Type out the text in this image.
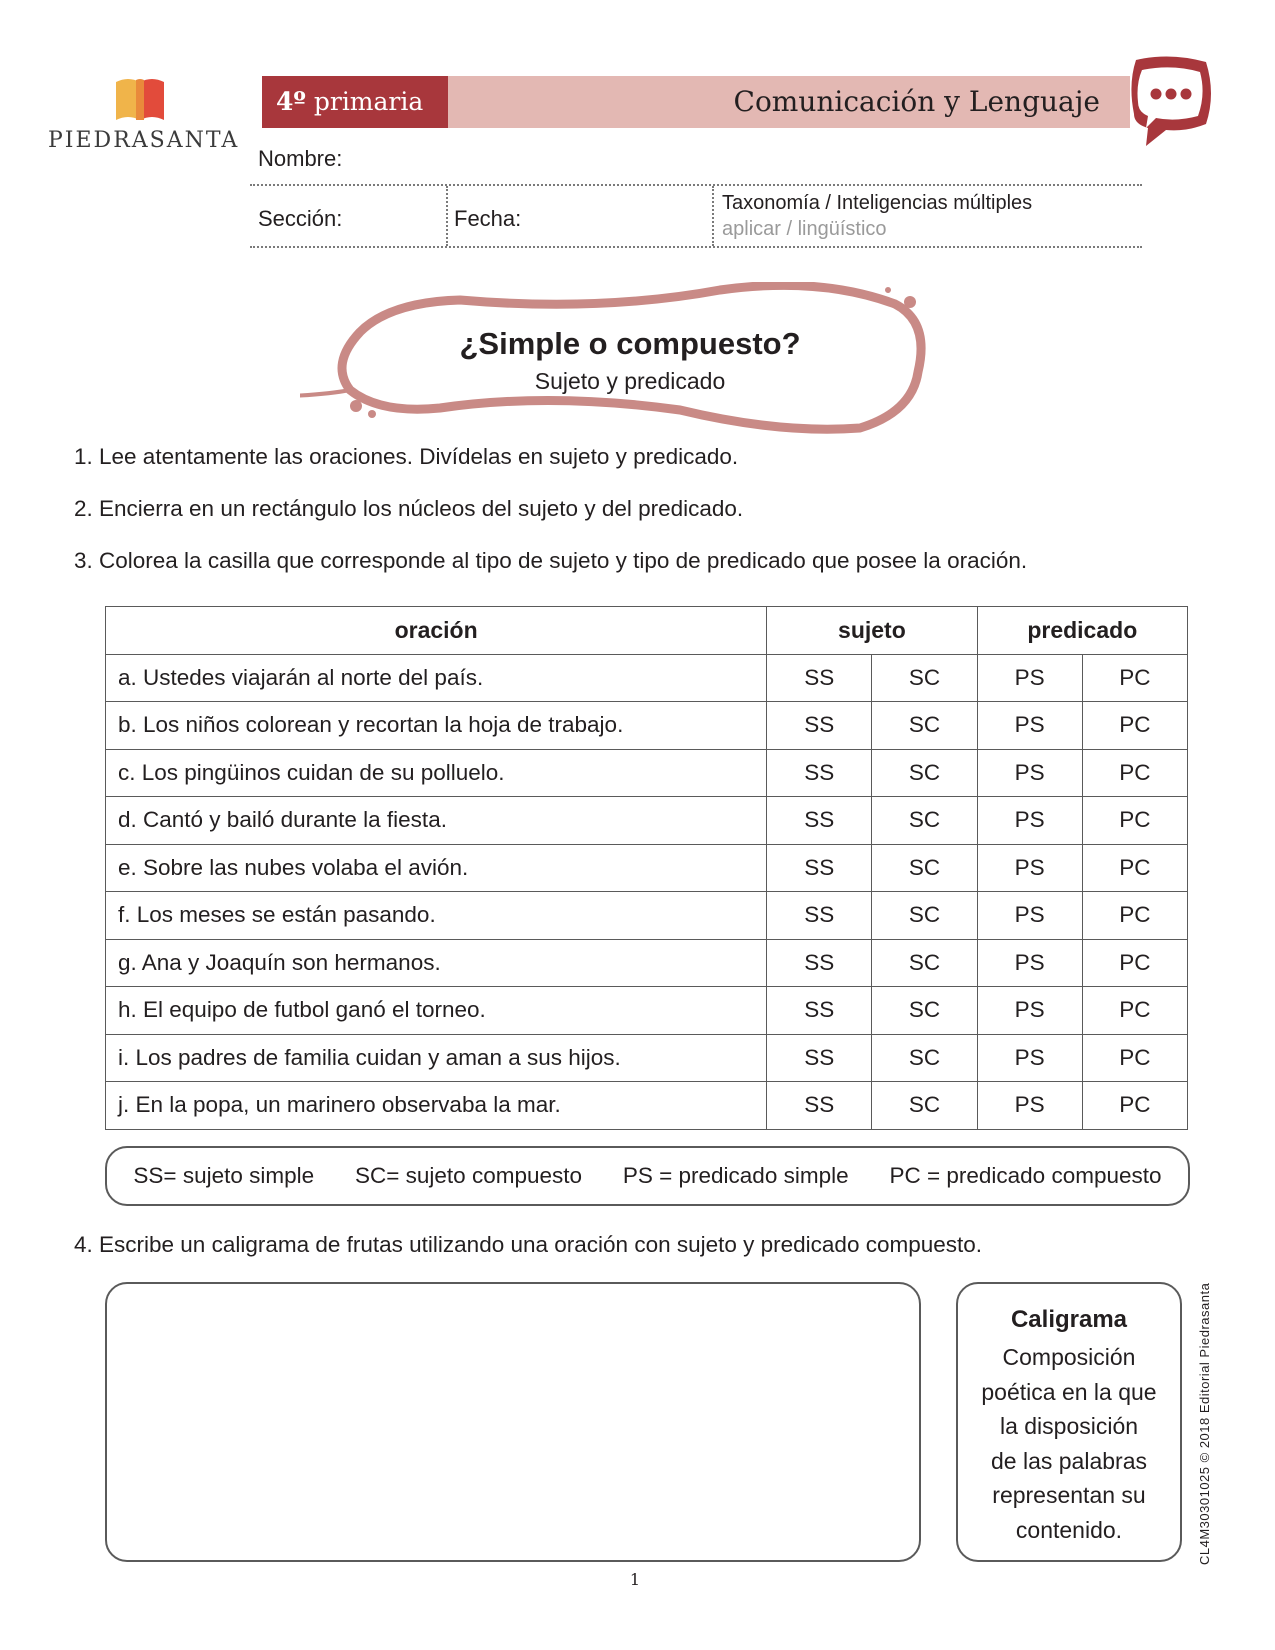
PIEDRASANTA
4º primaria	Comunicación y Lenguaje
Nombre:
Sección:	Fecha:
Taxonomía / Inteligencias múltiples
aplicar / lingüístico
¿Simple o compuesto?
Sujeto y predicado
1. Lee atentamente las oraciones. Divídelas en sujeto y predicado.
2. Encierra en un rectángulo los núcleos del sujeto y del predicado.
3. Colorea la casilla que corresponde al tipo de sujeto y tipo de predicado que posee la oración.
oración	sujeto		predicado	
a. Ustedes viajarán al norte del país.	SS	SC	PS	PC
b. Los niños colorean y recortan la hoja de trabajo.	SS	SC	PS	PC
c. Los pingüinos cuidan de su polluelo.	SS	SC	PS	PC
d. Cantó y bailó durante la fiesta.	SS	SC	PS	PC
e. Sobre las nubes volaba el avión.	SS	SC	PS	PC
f. Los meses se están pasando.	SS	SC	PS	PC
g. Ana y Joaquín son hermanos.	SS	SC	PS	PC
h. El equipo de futbol ganó el torneo.	SS	SC	PS	PC
i. Los padres de familia cuidan y aman a sus hijos.	SS	SC	PS	PC
j. En la popa, un marinero observaba la mar.	SS	SC	PS	PC
SS= sujeto simple SC= sujeto compuesto PS = predicado simple PC = predicado compuesto
4. Escribe un caligrama de frutas utilizando una oración con sujeto y predicado compuesto.
Caligrama
Composición
poética en la que
la disposición
de las palabras
representan su
contenido.	CL4M30301025 © 2018 Editorial Piedrasanta
1
